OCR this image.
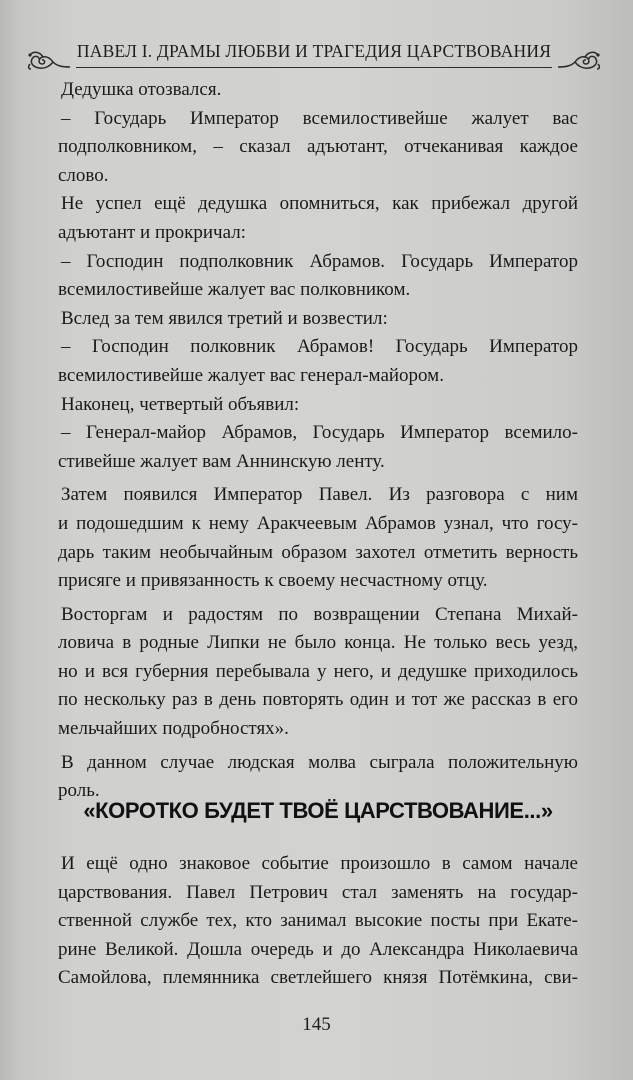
ПАВЕЛ I. ДРАМЫ ЛЮБВИ И ТРАГЕДИЯ ЦАРСТВОВАНИЯ
Дедушка отозвался.
– Государь Император всемилостивейше жалует вас
подполковником, – сказал адъютант, отчеканивая каждое
слово.
Не успел ещё дедушка опомниться, как прибежал другой
адъютант и прокричал:
– Господин подполковник Абрамов. Государь Император
всемилостивейше жалует вас полковником.
Вслед за тем явился третий и возвестил:
– Господин полковник Абрамов! Государь Император
всемилостивейше жалует вас генерал-майором.
Наконец, четвертый объявил:
– Генерал-майор Абрамов, Государь Император всемило-
стивейше жалует вам Аннинскую ленту.
Затем появился Император Павел. Из разговора с ним
и подошедшим к нему Аракчеевым Абрамов узнал, что госу-
дарь таким необычайным образом захотел отметить верность
присяге и привязанность к своему несчастному отцу.
Восторгам и радостям по возвращении Степана Михай-
ловича в родные Липки не было конца. Не только весь уезд,
но и вся губерния перебывала у него, и дедушке приходилось
по нескольку раз в день повторять один и тот же рассказ в его
мельчайших подробностях».
В данном случае людская молва сыграла положительную
роль.
«КОРОТКО БУДЕТ ТВОЁ ЦАРСТВОВАНИЕ...»
И ещё одно знаковое событие произошло в самом начале
царствования. Павел Петрович стал заменять на государ-
ственной службе тех, кто занимал высокие посты при Екате-
рине Великой. Дошла очередь и до Александра Николаевича
Самойлова, племянника светлейшего князя Потёмкина, сви-
145
